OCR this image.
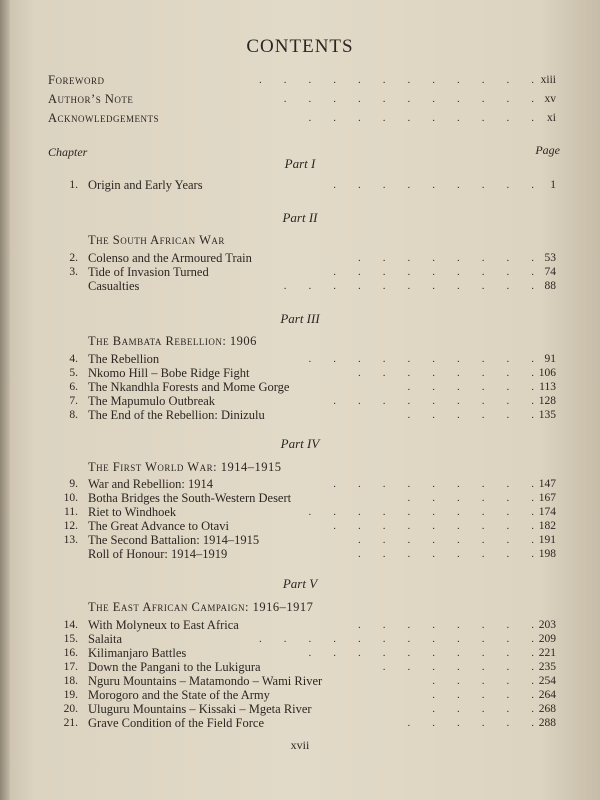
CONTENTS
Foreword	.        .        .        .        .        .        .        .        .        .        .        . xiii
Author’s Note	.        .        .        .        .        .        .        .        .        .        . xv
Acknowledgements	.        .        .        .        .        .        .        .        .        . xi
Chapter	Page
Part I
1. Origin and Early Years	.        .        .        .        .        .        .        .        . 1
Part II
The South African War
2. Colenso and the Armoured Train	.        .        .        .        .        .        .        . 53
3. Tide of Invasion Turned	.        .        .        .        .        .        .        .        . 74
Casualties	.        .        .        .        .        .        .        .        .        .        . 88
Part III
The Bambata Rebellion: 1906
4. The Rebellion	.        .        .        .        .        .        .        .        .        . 91
5. Nkomo Hill – Bobe Ridge Fight	.        .        .        .        .        .        .        . 106
6. The Nkandhla Forests and Mome Gorge	.        .        .        .        .        . 113
7. The Mapumulo Outbreak	.        .        .        .        .        .        .        .        . 128
8. The End of the Rebellion: Dinizulu	.        .        .        .        .        . 135
Part IV
The First World War: 1914–1915
9. War and Rebellion: 1914	.        .        .        .        .        .        .        .        . 147
10. Botha Bridges the South-Western Desert	.        .        .        .        .        . 167
11. Riet to Windhoek	.        .        .        .        .        .        .        .        .        . 174
12. The Great Advance to Otavi	.        .        .        .        .        .        .        .        . 182
13. The Second Battalion: 1914–1915	.        .        .        .        .        .        .        . 191
Roll of Honour: 1914–1919	.        .        .        .        .        .        .        . 198
Part V
The East African Campaign: 1916–1917
14. With Molyneux to East Africa	.        .        .        .        .        .        .        . 203
15. Salaita	.        .        .        .        .        .        .        .        .        .        .        . 209
16. Kilimanjaro Battles	.        .        .        .        .        .        .        .        .        . 221
17. Down the Pangani to the Lukigura	.        .        .        .        .        .        . 235
18. Nguru Mountains – Matamondo – Wami River	.        .        .        .        . 254
19. Morogoro and the State of the Army	.        .        .        .        . 264
20. Uluguru Mountains – Kissaki – Mgeta River	.        .        .        .        . 268
21. Grave Condition of the Field Force	.        .        .        .        .        . 288
xvii
